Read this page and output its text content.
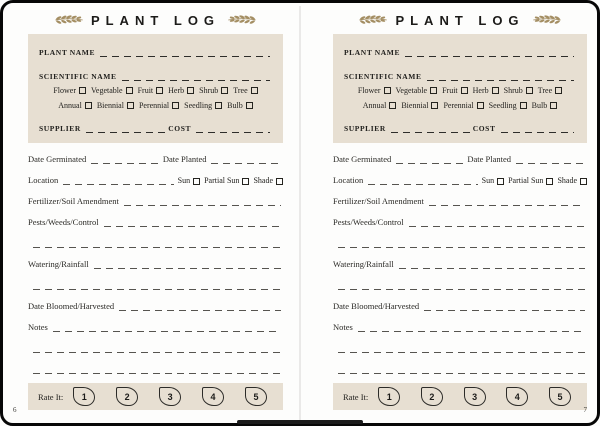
PLANT LOG
PLANT NAME
SCIENTIFIC NAME
Flower Vegetable Fruit Herb Shrub Tree
Annual Biennial Perennial Seedling Bulb
SUPPLIER	COST
Date Germinated	Date Planted
Location	Sun Partial Sun Shade
Fertilizer/Soil Amendment
Pests/Weeds/Control
Watering/Rainfall
Date Bloomed/Harvested
Notes
Rate It: 1	2	3	4	5
6
PLANT LOG
PLANT NAME
SCIENTIFIC NAME
Flower Vegetable Fruit Herb Shrub Tree
Annual Biennial Perennial Seedling Bulb
SUPPLIER	COST
Date Germinated	Date Planted
Location	Sun Partial Sun Shade
Fertilizer/Soil Amendment
Pests/Weeds/Control
Watering/Rainfall
Date Bloomed/Harvested
Notes
Rate It: 1	2	3	4	5
7
